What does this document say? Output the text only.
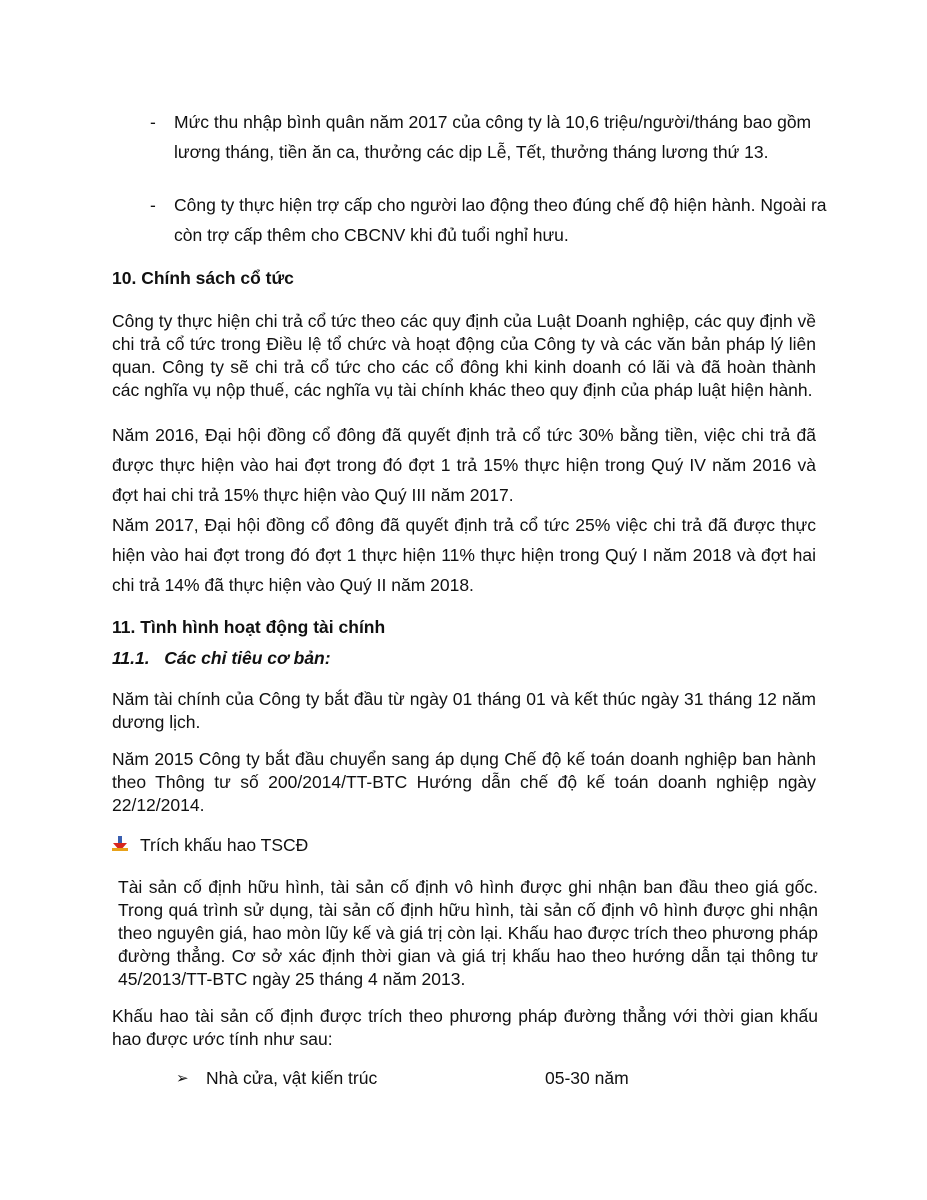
- Mức thu nhập bình quân năm 2017 của công ty là 10,6 triệu/người/tháng bao gồm lương tháng, tiền ăn ca, thưởng các dịp Lễ, Tết, thưởng tháng lương thứ 13.
- Công ty thực hiện trợ cấp cho người lao động theo đúng chế độ hiện hành. Ngoài ra còn trợ cấp thêm cho CBCNV khi đủ tuổi nghỉ hưu.

10. Chính sách cổ tức

Công ty thực hiện chi trả cổ tức theo các quy định của Luật Doanh nghiệp, các quy định về chi trả cổ tức trong Điều lệ tổ chức và hoạt động của Công ty và các văn bản pháp lý liên quan. Công ty sẽ chi trả cổ tức cho các cổ đông khi kinh doanh có lãi và đã hoàn thành các nghĩa vụ nộp thuế, các nghĩa vụ tài chính khác theo quy định của pháp luật hiện hành.

Năm 2016, Đại hội đồng cổ đông đã quyết định trả cổ tức 30% bằng tiền, việc chi trả đã được thực hiện vào hai đợt trong đó đợt 1 trả 15% thực hiện trong Quý IV năm 2016 và đợt hai chi trả 15% thực hiện vào Quý III năm 2017.

Năm 2017, Đại hội đồng cổ đông đã quyết định trả cổ tức 25% việc chi trả đã được thực hiện vào hai đợt trong đó đợt 1 thực hiện 11% thực hiện trong Quý I năm 2018 và đợt hai chi trả 14% đã thực hiện vào Quý II năm 2018.

11. Tình hình hoạt động tài chính

11.1.   Các chỉ tiêu cơ bản:

Năm tài chính của Công ty bắt đầu từ ngày 01 tháng 01 và kết thúc ngày 31 tháng 12 năm dương lịch.

Năm 2015 Công ty bắt đầu chuyển sang áp dụng Chế độ kế toán doanh nghiệp ban hành theo Thông tư số 200/2014/TT-BTC Hướng dẫn chế độ kế toán doanh nghiệp ngày 22/12/2014.

Trích khấu hao TSCĐ

Tài sản cố định hữu hình, tài sản cố định vô hình được ghi nhận ban đầu theo giá gốc. Trong quá trình sử dụng, tài sản cố định hữu hình, tài sản cố định vô hình được ghi nhận theo nguyên giá, hao mòn lũy kế và giá trị còn lại. Khấu hao được trích theo phương pháp đường thẳng. Cơ sở xác định thời gian và giá trị khấu hao theo hướng dẫn tại thông tư 45/2013/TT-BTC ngày 25 tháng 4 năm 2013.

Khấu hao tài sản cố định được trích theo phương pháp đường thẳng với thời gian khấu hao được ước tính như sau:

➢ Nhà cửa, vật kiến trúc	05-30 năm
